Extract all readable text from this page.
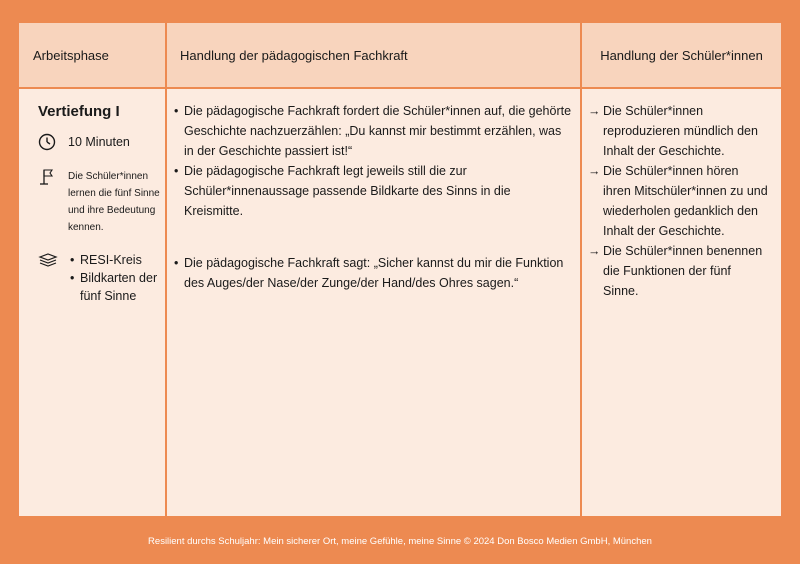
Arbeitsphase	Handlung der pädagogischen Fachkraft	Handlung der Schüler*innen
Vertiefung I
10 Minuten
Die Schüler*innen lernen die fünf Sinne und ihre Bedeutung kennen.
• RESI-Kreis
• Bildkarten der fünf Sinne
• Die pädagogische Fachkraft fordert die Schüler*innen auf, die gehörte Geschichte nachzuerzählen: „Du kannst mir bestimmt erzählen, was in der Geschichte passiert ist!“
• Die pädagogische Fachkraft legt jeweils still die zur Schüler*innenaussage passende Bildkarte des Sinns in die Kreismitte.
• Die pädagogische Fachkraft sagt: „Sicher kannst du mir die Funktion des Auges/der Nase/der Zunge/der Hand/des Ohres sagen.“
→ Die Schüler*innen reproduzieren mündlich den Inhalt der Geschichte.
→ Die Schüler*innen hören ihren Mitschüler*innen zu und wiederholen gedanklich den Inhalt der Geschichte.
→ Die Schüler*innen benennen die Funktionen der fünf Sinne.
Resilient durchs Schuljahr: Mein sicherer Ort, meine Gefühle, meine Sinne © 2024 Don Bosco Medien GmbH, München
